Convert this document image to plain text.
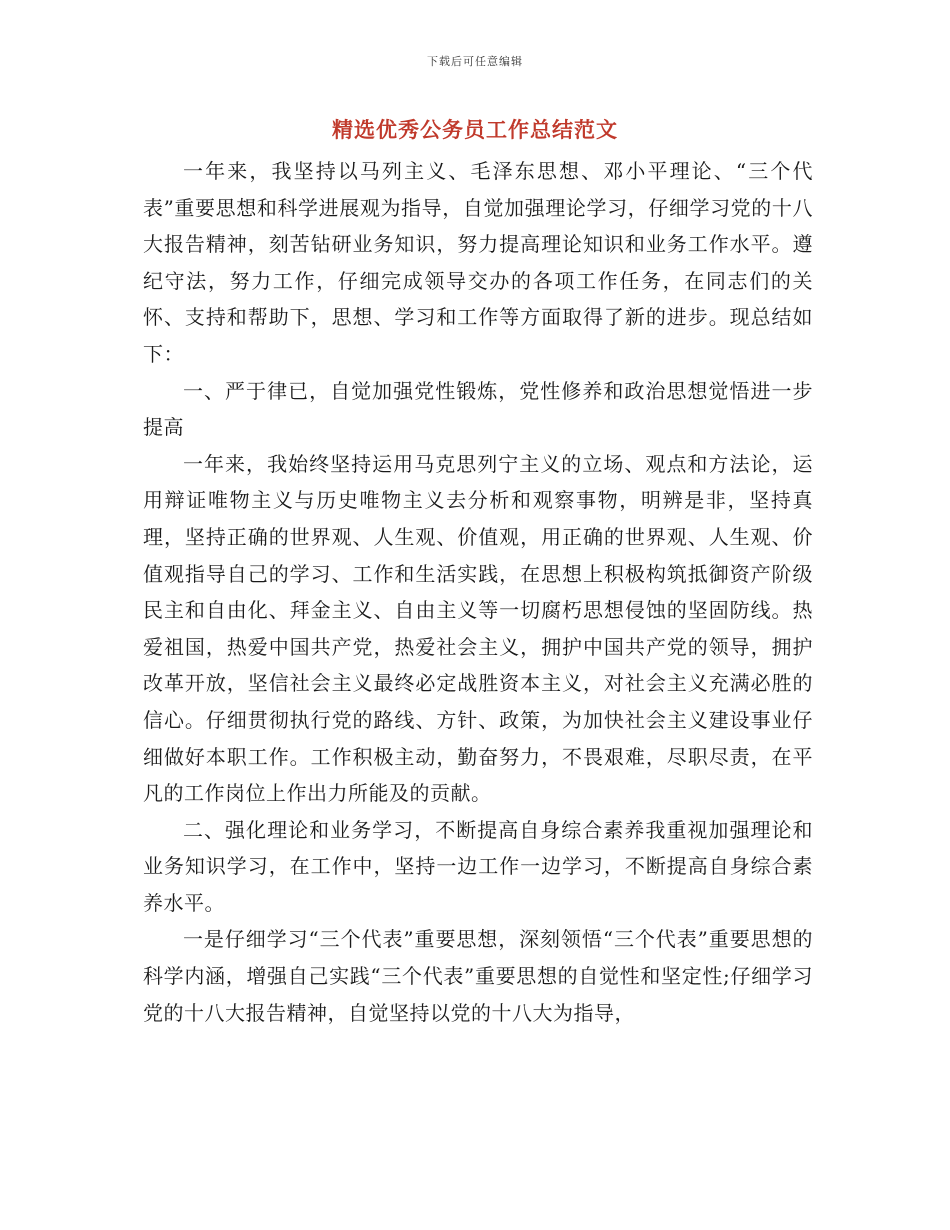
下载后可任意编辑
精选优秀公务员工作总结范文

一年来，我坚持以马列主义、毛泽东思想、邓小平理论、“三个代表”重要思想和科学进展观为指导，自觉加强理论学习，仔细学习党的十八大报告精神，刻苦钻研业务知识，努力提高理论知识和业务工作水平。遵纪守法，努力工作，仔细完成领导交办的各项工作任务，在同志们的关怀、支持和帮助下，思想、学习和工作等方面取得了新的进步。现总结如下：

一、严于律已，自觉加强党性锻炼，党性修养和政治思想觉悟进一步提高

一年来，我始终坚持运用马克思列宁主义的立场、观点和方法论，运用辩证唯物主义与历史唯物主义去分析和观察事物，明辨是非，坚持真理，坚持正确的世界观、人生观、价值观，用正确的世界观、人生观、价值观指导自己的学习、工作和生活实践，在思想上积极构筑抵御资产阶级民主和自由化、拜金主义、自由主义等一切腐朽思想侵蚀的坚固防线。热爱祖国，热爱中国共产党，热爱社会主义，拥护中国共产党的领导，拥护改革开放，坚信社会主义最终必定战胜资本主义，对社会主义充满必胜的信心。仔细贯彻执行党的路线、方针、政策，为加快社会主义建设事业仔细做好本职工作。工作积极主动，勤奋努力，不畏艰难，尽职尽责，在平凡的工作岗位上作出力所能及的贡献。

二、强化理论和业务学习，不断提高自身综合素养我重视加强理论和业务知识学习，在工作中，坚持一边工作一边学习，不断提高自身综合素养水平。

一是仔细学习“三个代表”重要思想，深刻领悟“三个代表”重要思想的科学内涵，增强自己实践“三个代表”重要思想的自觉性和坚定性;仔细学习党的十八大报告精神，自觉坚持以党的十八大为指导，
